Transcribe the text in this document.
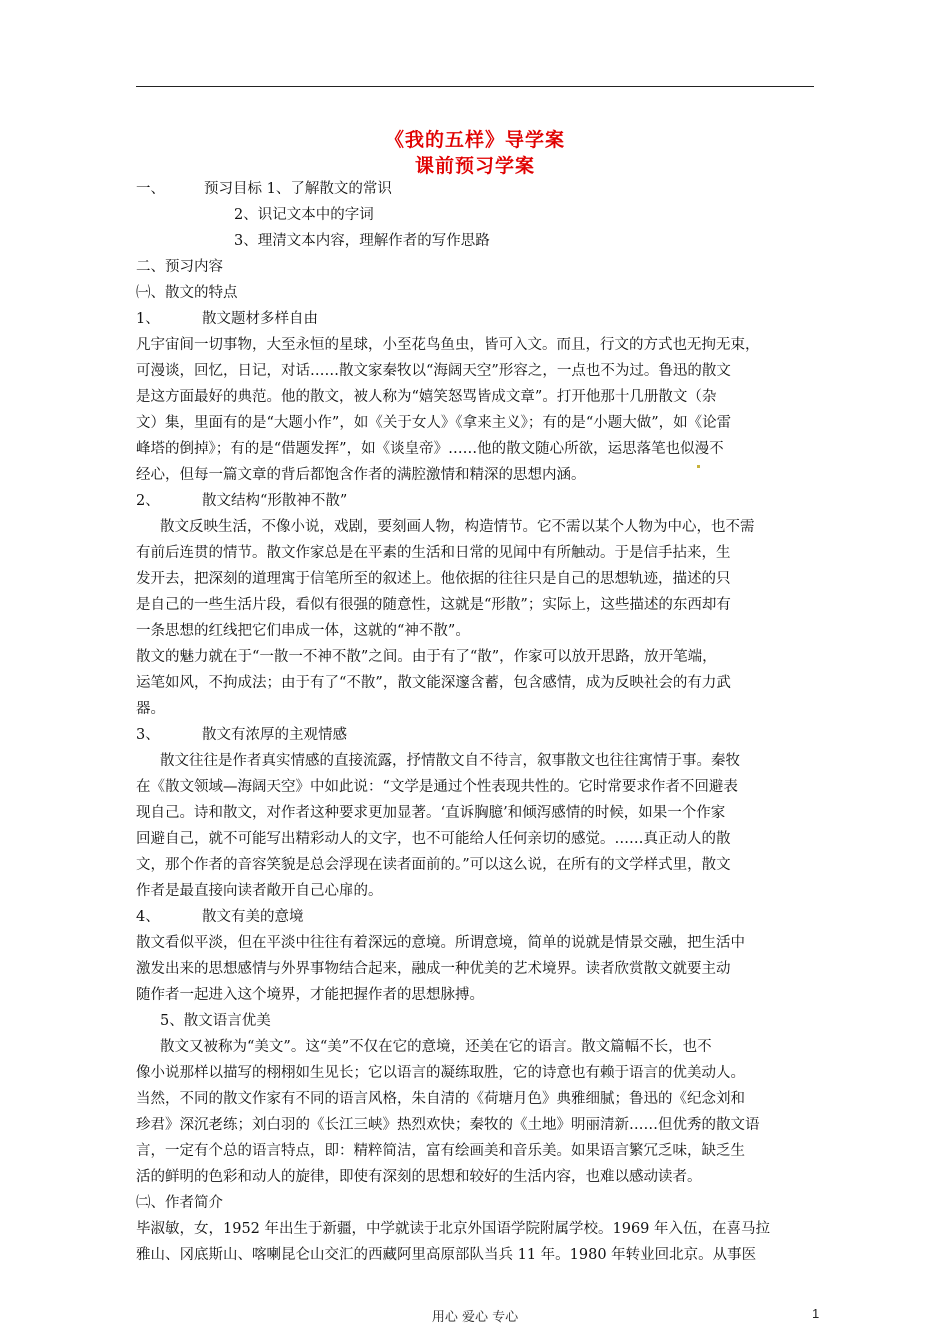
《我的五样》导学案
课前预习学案

一、	预习目标 1、了解散文的常识

2、识记文本中的字词

3、理清文本内容，理解作者的写作思路

二、预习内容

㈠、散文的特点

1、	散文题材多样自由

凡宇宙间一切事物，大至永恒的星球，小至花鸟鱼虫，皆可入文。而且，行文的方式也无拘无束，

可漫谈，回忆，日记，对话……散文家秦牧以“海阔天空”形容之，一点也不为过。鲁迅的散文

是这方面最好的典范。他的散文，被人称为“嬉笑怒骂皆成文章”。打开他那十几册散文（杂

文）集，里面有的是“大题小作”，如《关于女人》《拿来主义》；有的是“小题大做”，如《论雷

峰塔的倒掉》；有的是“借题发挥”，如《谈皇帝》……他的散文随心所欲，运思落笔也似漫不

经心，但每一篇文章的背后都饱含作者的满腔激情和精深的思想内涵。

2、	散文结构“形散神不散”

散文反映生活，不像小说，戏剧，要刻画人物，构造情节。它不需以某个人物为中心，也不需

有前后连贯的情节。散文作家总是在平素的生活和日常的见闻中有所触动。于是信手拈来，生

发开去，把深刻的道理寓于信笔所至的叙述上。他依据的往往只是自己的思想轨迹，描述的只

是自己的一些生活片段，看似有很强的随意性，这就是“形散”；实际上，这些描述的东西却有

一条思想的红线把它们串成一体，这就的“神不散”。

散文的魅力就在于“一散一不神不散”之间。由于有了“散”，作家可以放开思路，放开笔端，

运笔如风，不拘成法；由于有了“不散”，散文能深邃含蓄，包含感情，成为反映社会的有力武

器。

3、	散文有浓厚的主观情感

散文往往是作者真实情感的直接流露，抒情散文自不待言，叙事散文也往往寓情于事。秦牧

在《散文领域—海阔天空》中如此说：“文学是通过个性表现共性的。它时常要求作者不回避表

现自己。诗和散文，对作者这种要求更加显著。‘直诉胸臆’和倾泻感情的时候，如果一个作家

回避自己，就不可能写出精彩动人的文字，也不可能给人任何亲切的感觉。……真正动人的散

文，那个作者的音容笑貌是总会浮现在读者面前的。”可以这么说，在所有的文学样式里，散文

作者是最直接向读者敞开自己心扉的。

4、	散文有美的意境

散文看似平淡，但在平淡中往往有着深远的意境。所谓意境，简单的说就是情景交融，把生活中

激发出来的思想感情与外界事物结合起来，融成一种优美的艺术境界。读者欣赏散文就要主动

随作者一起进入这个境界，才能把握作者的思想脉搏。

5、散文语言优美

散文又被称为“美文”。这“美”不仅在它的意境，还美在它的语言。散文篇幅不长，也不

像小说那样以描写的栩栩如生见长；它以语言的凝练取胜，它的诗意也有赖于语言的优美动人。

当然，不同的散文作家有不同的语言风格，朱自清的《荷塘月色》典雅细腻；鲁迅的《纪念刘和

珍君》深沉老练；刘白羽的《长江三峡》热烈欢快；秦牧的《土地》明丽清新……但优秀的散文语

言，一定有个总的语言特点，即：精粹简洁，富有绘画美和音乐美。如果语言繁冗乏味，缺乏生

活的鲜明的色彩和动人的旋律，即使有深刻的思想和较好的生活内容，也难以感动读者。

㈡、作者简介

毕淑敏，女，1952 年出生于新疆，中学就读于北京外国语学院附属学校。1969 年入伍，在喜马拉

雅山、冈底斯山、喀喇昆仑山交汇的西藏阿里高原部队当兵 11 年。1980 年转业回北京。从事医

用心 爱心 专心	1
